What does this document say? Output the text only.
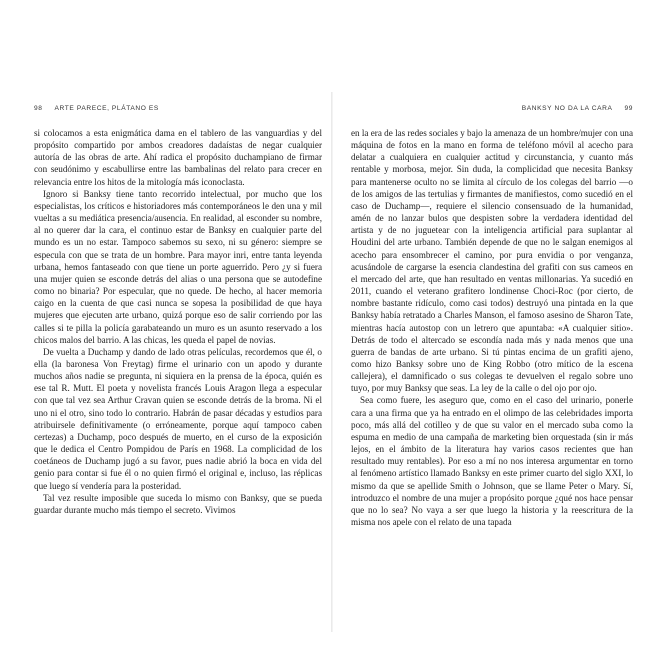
98 ARTE PARECE, PLÁTANO ES

si colocamos a esta enigmática dama en el tablero de las vanguardias y del propósito compartido por ambos creadores dadaístas de negar cualquier autoría de las obras de arte. Ahí radica el propósito duchampiano de firmar con seudónimo y escabullirse entre las bambalinas del relato para crecer en relevancia entre los hitos de la mitología más iconoclasta.

Ignoro si Banksy tiene tanto recorrido intelectual, por mucho que los especialistas, los críticos e historiadores más contemporáneos le den una y mil vueltas a su mediática presencia/ausencia. En realidad, al esconder su nombre, al no querer dar la cara, el continuo estar de Banksy en cualquier parte del mundo es un no estar. Tampoco sabemos su sexo, ni su género: siempre se especula con que se trata de un hombre. Para mayor inri, entre tanta leyenda urbana, hemos fantaseado con que tiene un porte aguerrido. Pero ¿y si fuera una mujer quien se esconde detrás del alias o una persona que se autodefine como no binaria? Por especular, que no quede. De hecho, al hacer memoria caigo en la cuenta de que casi nunca se sopesa la posibilidad de que haya mujeres que ejecuten arte urbano, quizá porque eso de salir corriendo por las calles si te pilla la policía garabateando un muro es un asunto reservado a los chicos malos del barrio. A las chicas, les queda el papel de novias.

De vuelta a Duchamp y dando de lado otras películas, recordemos que él, o ella (la baronesa Von Freytag) firme el urinario con un apodo y durante muchos años nadie se pregunta, ni siquiera en la prensa de la época, quién es ese tal R. Mutt. El poeta y novelista francés Louis Aragon llega a especular con que tal vez sea Arthur Cravan quien se esconde detrás de la broma. Ni el uno ni el otro, sino todo lo contrario. Habrán de pasar décadas y estudios para atribuirsele definitivamente (o erróneamente, porque aquí tampoco caben certezas) a Duchamp, poco después de muerto, en el curso de la exposición que le dedica el Centro Pompidou de París en 1968. La complicidad de los coetáneos de Duchamp jugó a su favor, pues nadie abrió la boca en vida del genio para contar si fue él o no quien firmó el original e, incluso, las réplicas que luego sí vendería para la posteridad.

Tal vez resulte imposible que suceda lo mismo con Banksy, que se pueda guardar durante mucho más tiempo el secreto. Vivimos

BANKSY NO DA LA CARA 99

en la era de las redes sociales y bajo la amenaza de un hombre/mujer con una máquina de fotos en la mano en forma de teléfono móvil al acecho para delatar a cualquiera en cualquier actitud y circunstancia, y cuanto más rentable y morbosa, mejor. Sin duda, la complicidad que necesita Banksy para mantenerse oculto no se limita al círculo de los colegas del barrio —o de los amigos de las tertulias y firmantes de manifiestos, como sucedió en el caso de Duchamp—, requiere el silencio consensuado de la humanidad, amén de no lanzar bulos que despisten sobre la verdadera identidad del artista y de no juguetear con la inteligencia artificial para suplantar al Houdini del arte urbano. También depende de que no le salgan enemigos al acecho para ensombrecer el camino, por pura envidia o por venganza, acusándole de cargarse la esencia clandestina del grafiti con sus cameos en el mercado del arte, que han resultado en ventas millonarias. Ya sucedió en 2011, cuando el veterano grafitero londinense Choci-Roc (por cierto, de nombre bastante ridículo, como casi todos) destruyó una pintada en la que Banksy había retratado a Charles Manson, el famoso asesino de Sharon Tate, mientras hacía autostop con un letrero que apuntaba: «A cualquier sitio». Detrás de todo el altercado se escondía nada más y nada menos que una guerra de bandas de arte urbano. Si tú pintas encima de un grafiti ajeno, como hizo Banksy sobre uno de King Robbo (otro mítico de la escena callejera), el damnificado o sus colegas te devuelven el regalo sobre uno tuyo, por muy Banksy que seas. La ley de la calle o del ojo por ojo.

Sea como fuere, les aseguro que, como en el caso del urinario, ponerle cara a una firma que ya ha entrado en el olimpo de las celebridades importa poco, más allá del cotilleo y de que su valor en el mercado suba como la espuma en medio de una campaña de marketing bien orquestada (sin ir más lejos, en el ámbito de la literatura hay varios casos recientes que han resultado muy rentables). Por eso a mí no nos interesa argumentar en torno al fenómeno artístico llamado Banksy en este primer cuarto del siglo XXI, lo mismo da que se apellide Smith o Johnson, que se llame Peter o Mary. Sí, introduzco el nombre de una mujer a propósito porque ¿qué nos hace pensar que no lo sea? No vaya a ser que luego la historia y la reescritura de la misma nos apele con el relato de una tapada
